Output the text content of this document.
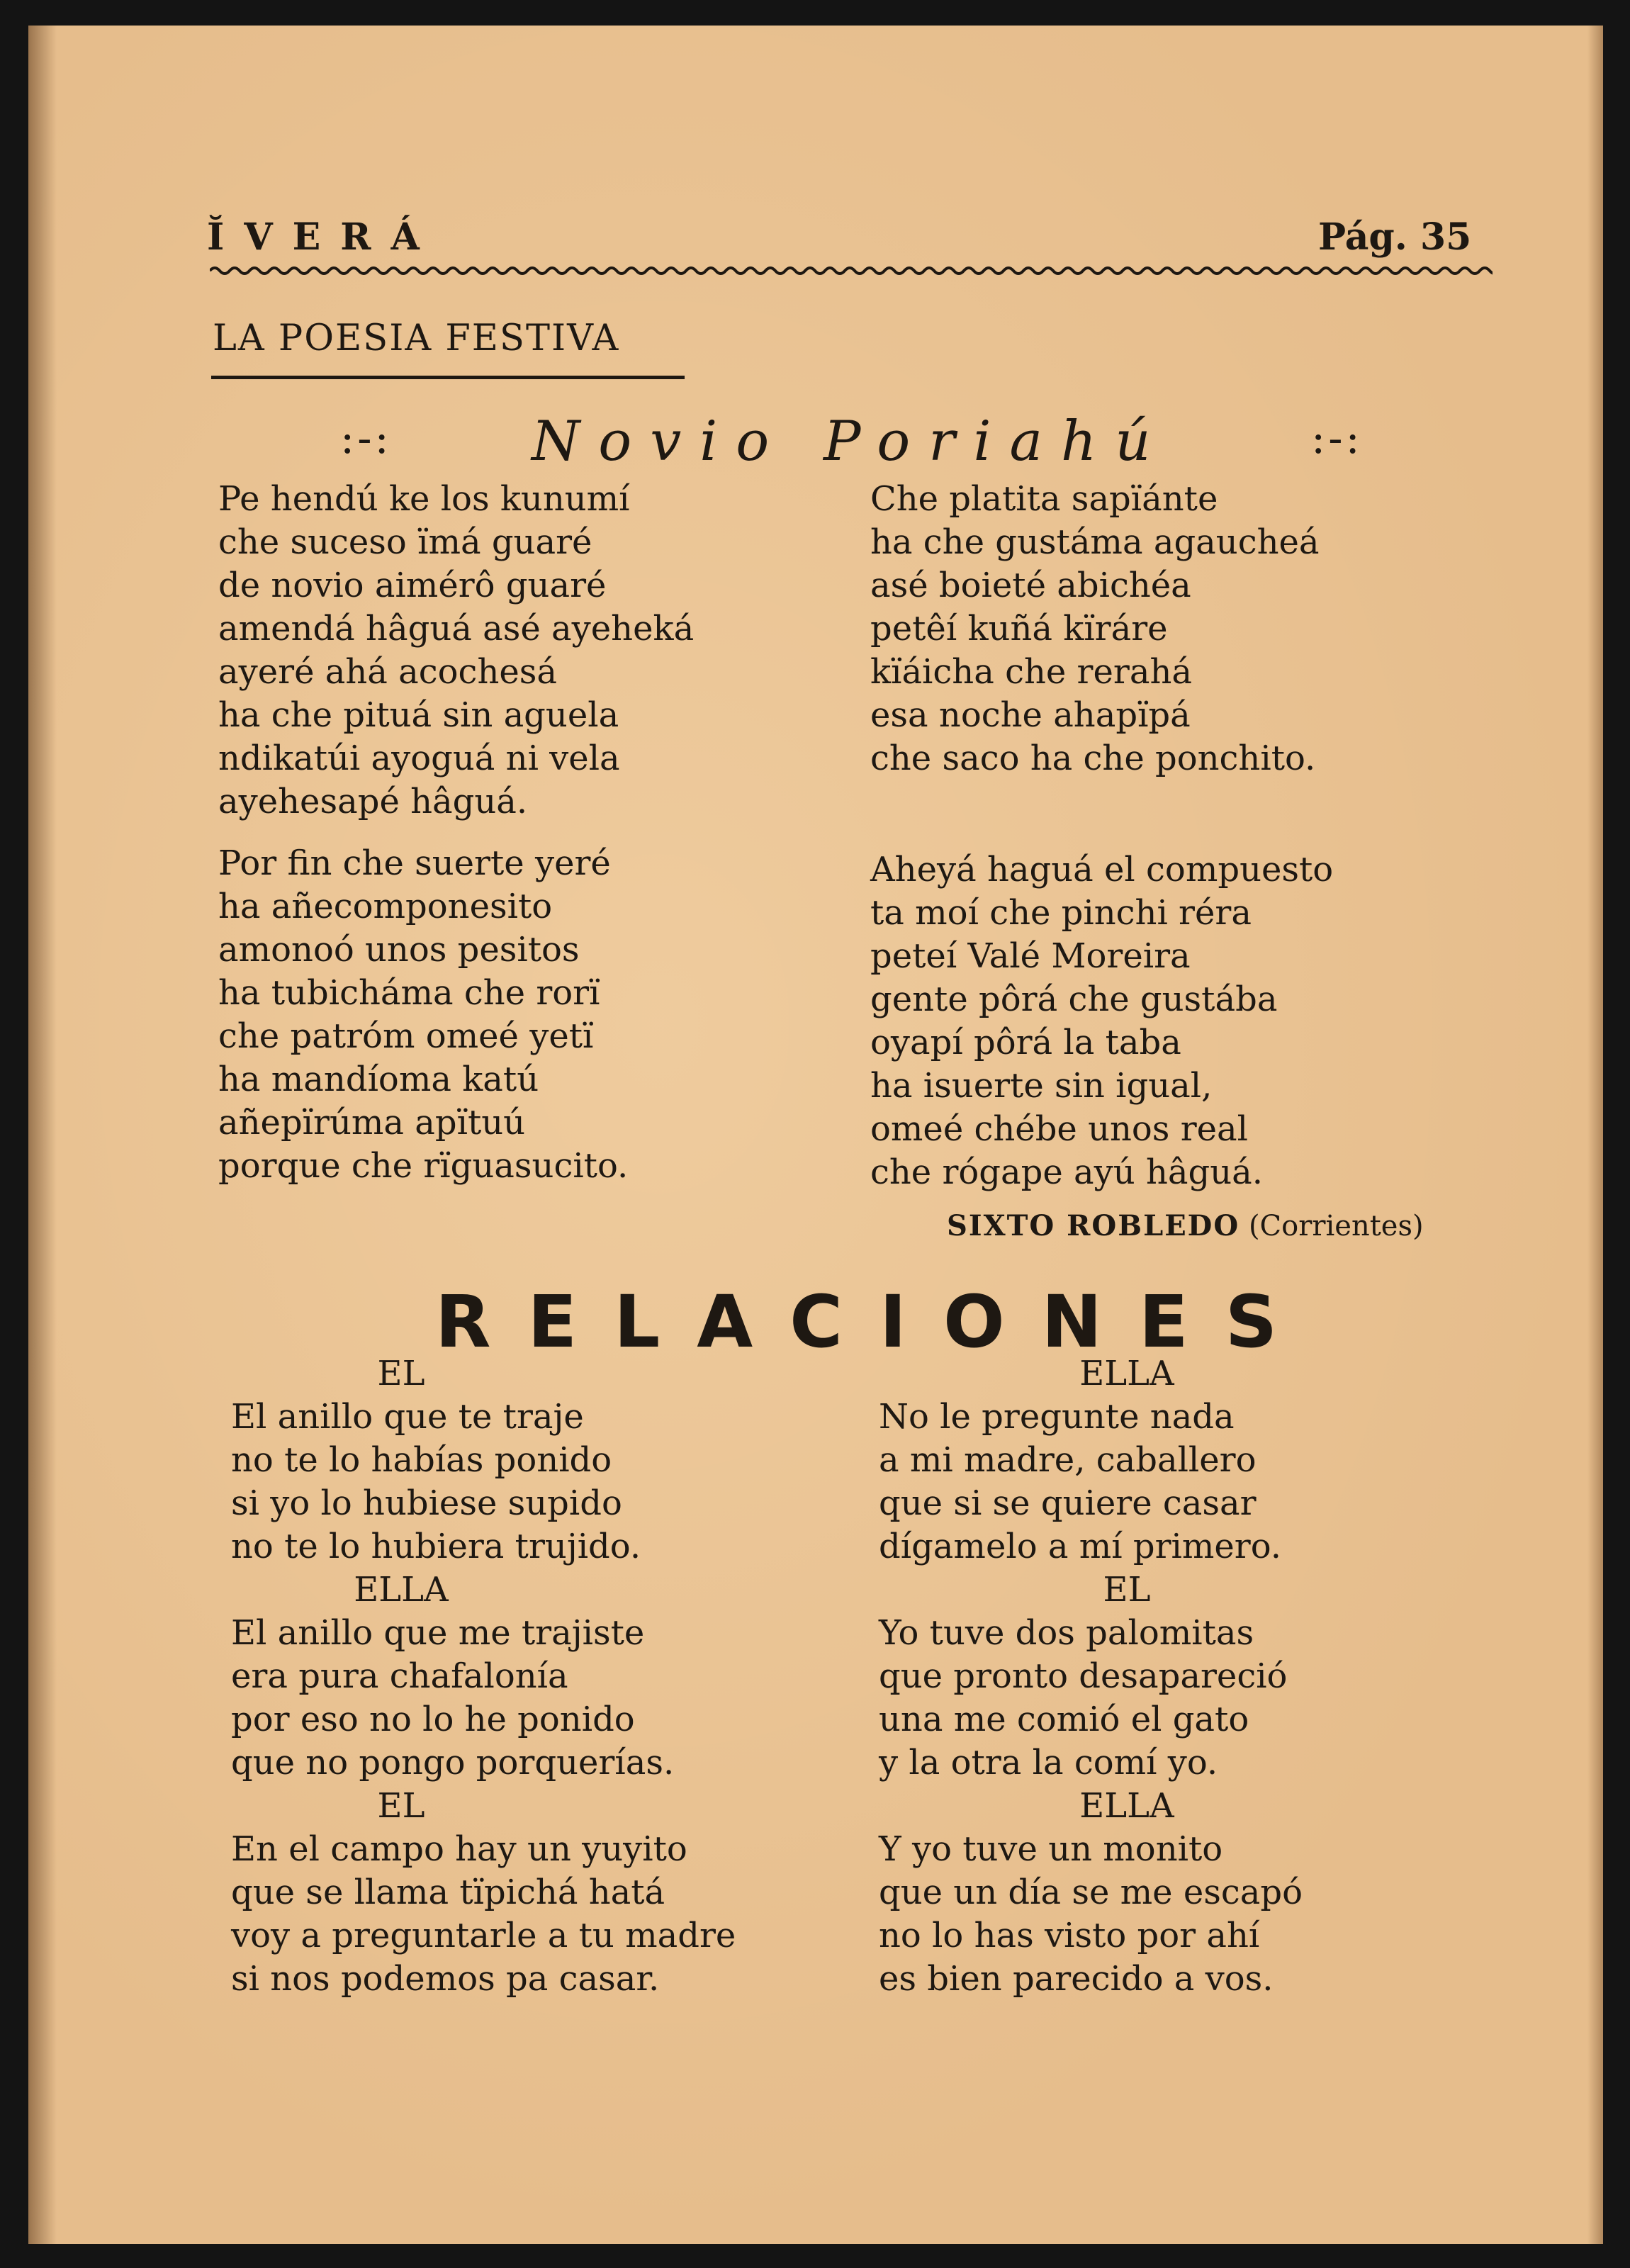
ĬVERÁ	Pág. 35
LA POESIA FESTIVA
:-:	Novio Poriahú	:-:
Pe hendú ke los kunumí
che suceso ïmá guaré
de novio aimérô guaré
amendá hâguá asé ayeheká
ayeré ahá acochesá
ha che pituá sin aguela
ndikatúi ayoguá ni vela
ayehesapé hâguá.
Por fin che suerte yeré
ha añecomponesito
amonoó unos pesitos
ha tubicháma che rorï
che patróm omeé yetï
ha mandíoma katú
añepïrúma apïtuú
porque che rïguasucito.
Che platita sapïánte
ha che gustáma agaucheá
asé boieté abichéa
petêí kuñá kïráre
kïáicha che rerahá
esa noche ahapïpá
che saco ha che ponchito.
Aheyá haguá el compuesto
ta moí che pinchi réra
peteí Valé Moreira
gente pôrá che gustába
oyapí pôrá la taba
ha isuerte sin igual,
omeé chébe unos real
che rógape ayú hâguá.
SIXTO ROBLEDO (Corrientes)
RELACIONES
EL
El anillo que te traje
no te lo habías ponido
si yo lo hubiese supido
no te lo hubiera trujido.
ELLA
El anillo que me trajiste
era pura chafalonía
por eso no lo he ponido
que no pongo porquerías.
EL
En el campo hay un yuyito
que se llama tïpichá hatá
voy a preguntarle a tu madre
si nos podemos pa casar.
ELLA
No le pregunte nada
a mi madre, caballero
que si se quiere casar
dígamelo a mí primero.
EL
Yo tuve dos palomitas
que pronto desapareció
una me comió el gato
y la otra la comí yo.
ELLA
Y yo tuve un monito
que un día se me escapó
no lo has visto por ahí
es bien parecido a vos.
